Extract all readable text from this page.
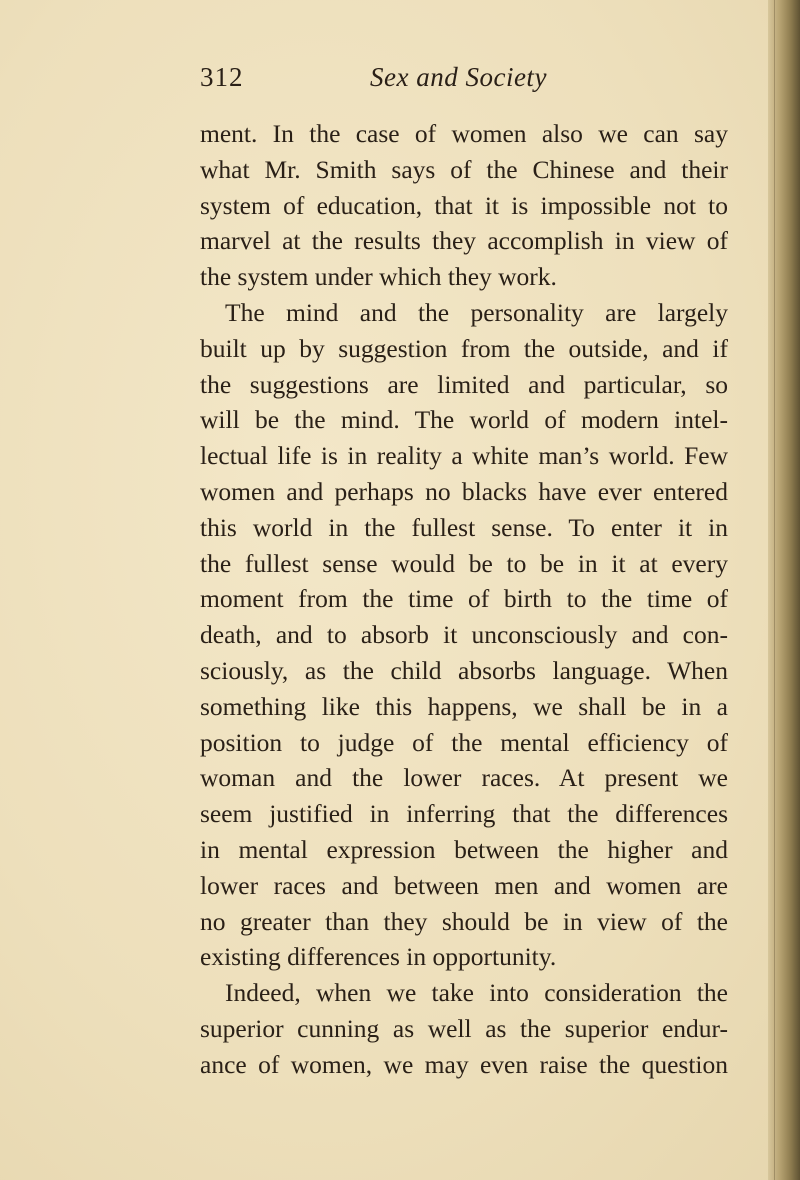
312	Sex and Society
ment. In the case of women also we can say
what Mr. Smith says of the Chinese and their
system of education, that it is impossible not to
marvel at the results they accomplish in view of
the system under which they work.
The mind and the personality are largely
built up by suggestion from the outside, and if
the suggestions are limited and particular, so
will be the mind. The world of modern intel-
lectual life is in reality a white man’s world. Few
women and perhaps no blacks have ever entered
this world in the fullest sense. To enter it in
the fullest sense would be to be in it at every
moment from the time of birth to the time of
death, and to absorb it unconsciously and con-
sciously, as the child absorbs language. When
something like this happens, we shall be in a
position to judge of the mental efficiency of
woman and the lower races. At present we
seem justified in inferring that the differences
in mental expression between the higher and
lower races and between men and women are
no greater than they should be in view of the
existing differences in opportunity.
Indeed, when we take into consideration the
superior cunning as well as the superior endur-
ance of women, we may even raise the question
